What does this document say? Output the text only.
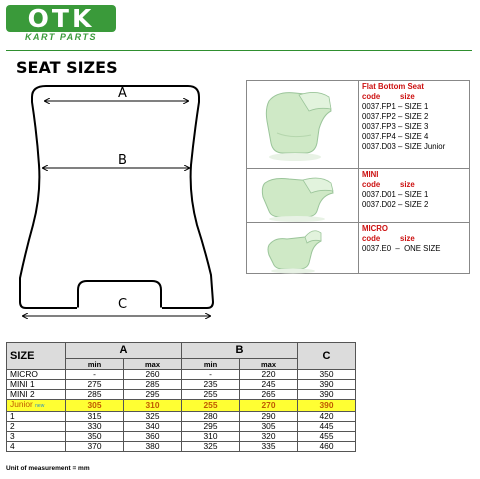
OTK
KART PARTS
SEAT SIZES
A
B
C
Flat Bottom Seat
code	size
0037.FP1 – SIZE 1
0037.FP2 – SIZE 2
0037.FP3 – SIZE 3
0037.FP4 – SIZE 4
0037.D03 – SIZE Junior
MINI
code	size
0037.D01 – SIZE 1
0037.D02 – SIZE 2
MICRO
code	size
0037.E0  –  ONE SIZE
SIZE	A		B		C
	min	max	min	max	
MICRO	-	260	-	220	350
MINI 1	275	285	235	245	390
MINI 2	285	295	255	265	390
Junior new	305	310	255	270	390
1	315	325	280	290	420
2	330	340	295	305	445
3	350	360	310	320	455
4	370	380	325	335	460
Unit of measurement = mm
